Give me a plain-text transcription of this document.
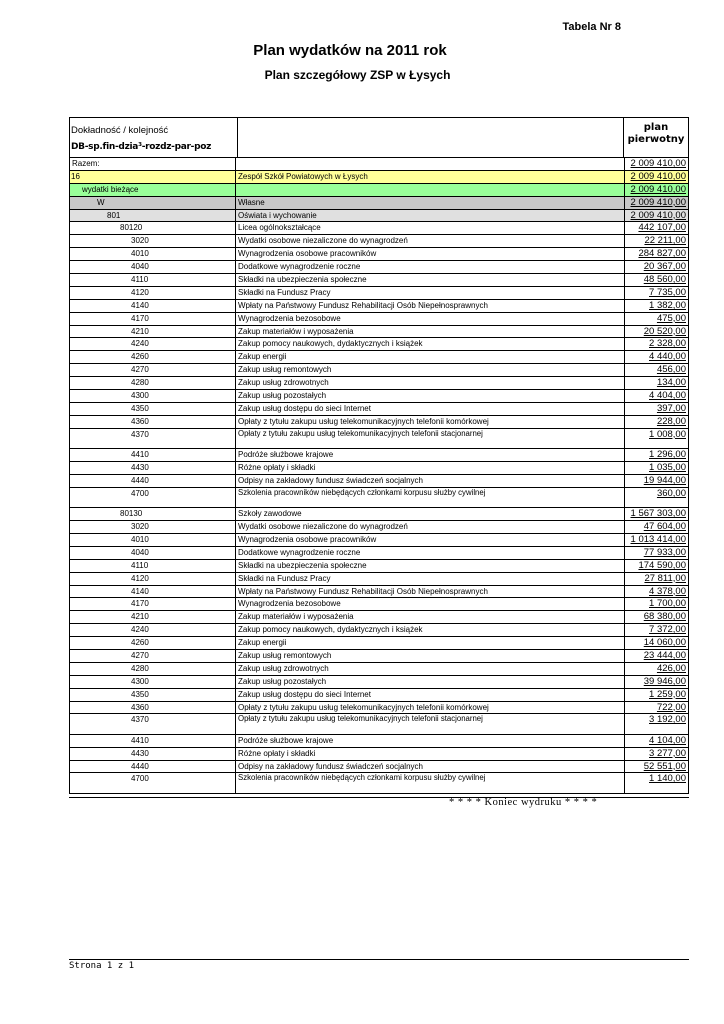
Tabela Nr 8
Plan wydatków na 2011 rok
Plan szczegółowy ZSP w Łysych
Dokładność / kolejność
DB-sp.fin-dzia³-rozdz-par-poz
plan
pierwotny
Razem:	2 009 410,00
16	Zespół Szkół Powiatowych w Łysych	2 009 410,00
wydatki bieżące	2 009 410,00
W	Własne	2 009 410,00
801	Oświata i wychowanie	2 009 410,00
80120	Licea ogólnokształcące	442 107,00
3020	Wydatki osobowe niezaliczone do wynagrodzeń	22 211,00
4010	Wynagrodzenia osobowe pracowników	284 827,00
4040	Dodatkowe wynagrodzenie roczne	20 367,00
4110	Składki na ubezpieczenia społeczne	48 560,00
4120	Składki na Fundusz Pracy	7 735,00
4140	Wpłaty na Państwowy Fundusz Rehabilitacji Osób Niepełnosprawnych	1 382,00
4170	Wynagrodzenia bezosobowe	475,00
4210	Zakup materiałów i wyposażenia	20 520,00
4240	Zakup pomocy naukowych, dydaktycznych i książek	2 328,00
4260	Zakup energii	4 440,00
4270	Zakup usług remontowych	456,00
4280	Zakup usług zdrowotnych	134,00
4300	Zakup usług pozostałych	4 404,00
4350	Zakup usług dostępu do sieci Internet	397,00
4360	Opłaty z tytułu zakupu usług telekomunikacyjnych telefonii komórkowej	228,00
4370	Opłaty z tytułu zakupu usług telekomunikacyjnych telefonii stacjonarnej	1 008,00
4410	Podróże służbowe krajowe	1 296,00
4430	Różne opłaty i składki	1 035,00
4440	Odpisy na zakładowy fundusz świadczeń socjalnych	19 944,00
4700	Szkolenia pracowników niebędących członkami korpusu służby cywilnej	360,00
80130	Szkoły zawodowe	1 567 303,00
3020	Wydatki osobowe niezaliczone do wynagrodzeń	47 604,00
4010	Wynagrodzenia osobowe pracowników	1 013 414,00
4040	Dodatkowe wynagrodzenie roczne	77 933,00
4110	Składki na ubezpieczenia społeczne	174 590,00
4120	Składki na Fundusz Pracy	27 811,00
4140	Wpłaty na Państwowy Fundusz Rehabilitacji Osób Niepełnosprawnych	4 378,00
4170	Wynagrodzenia bezosobowe	1 700,00
4210	Zakup materiałów i wyposażenia	68 380,00
4240	Zakup pomocy naukowych, dydaktycznych i książek	7 372,00
4260	Zakup energii	14 060,00
4270	Zakup usług remontowych	23 444,00
4280	Zakup usług zdrowotnych	426,00
4300	Zakup usług pozostałych	39 946,00
4350	Zakup usług dostępu do sieci Internet	1 259,00
4360	Opłaty z tytułu zakupu usług telekomunikacyjnych telefonii komórkowej	722,00
4370	Opłaty z tytułu zakupu usług telekomunikacyjnych telefonii stacjonarnej	3 192,00
4410	Podróże służbowe krajowe	4 104,00
4430	Różne opłaty i składki	3 277,00
4440	Odpisy na zakładowy fundusz świadczeń socjalnych	52 551,00
4700	Szkolenia pracowników niebędących członkami korpusu służby cywilnej	1 140,00
* * * * Koniec wydruku * * * *
Strona 1 z 1
